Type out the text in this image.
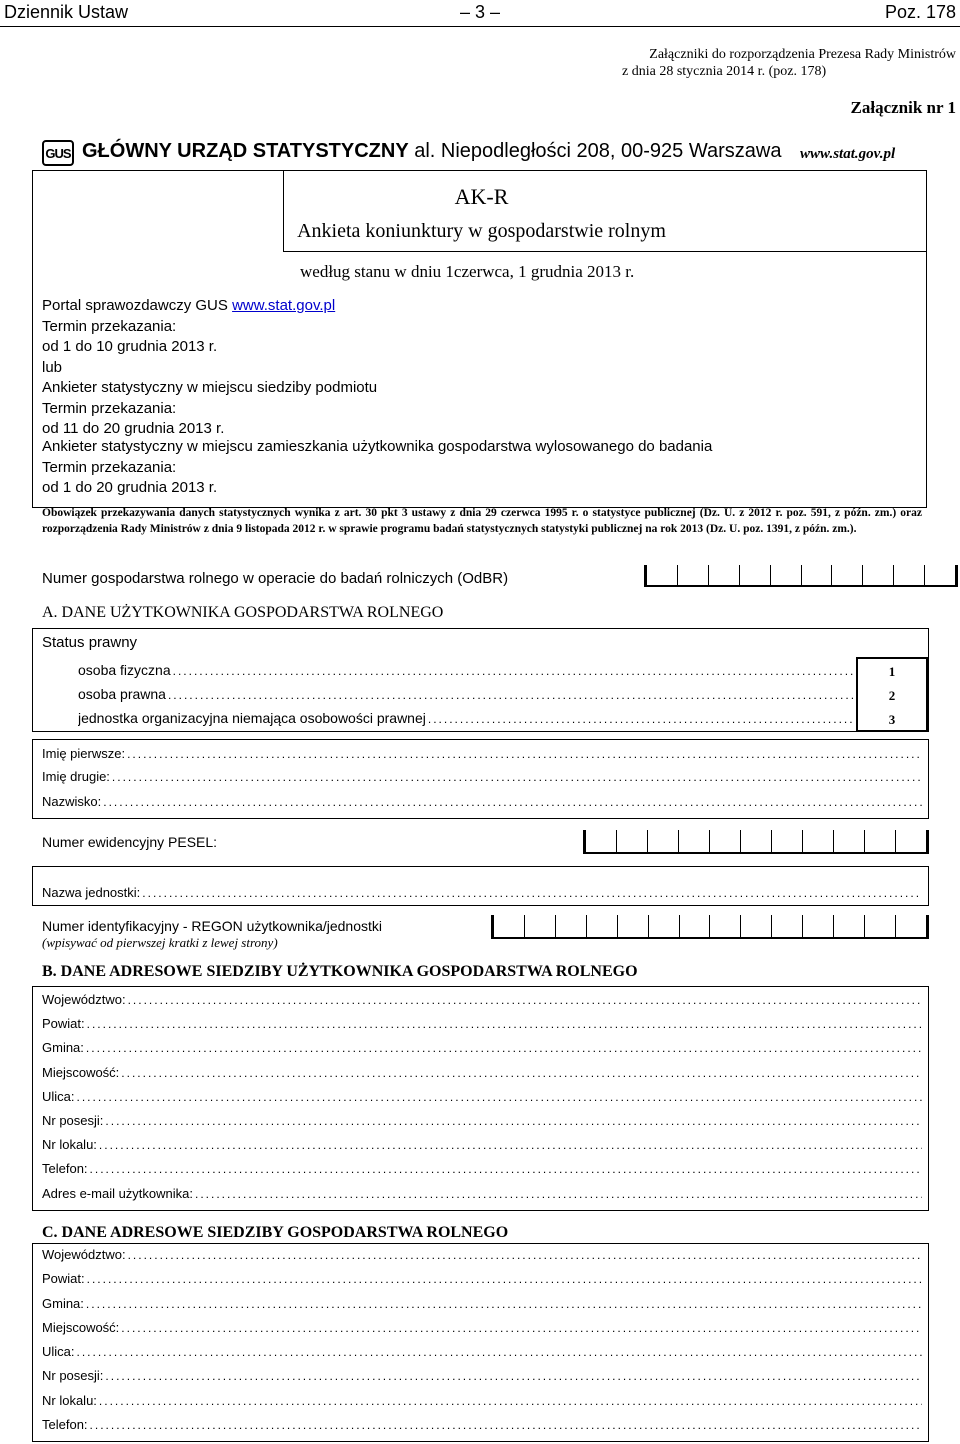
Dziennik Ustaw	– 3 –	Poz. 178
Załączniki do rozporządzenia Prezesa Rady Ministrów
z dnia 28 stycznia 2014 r. (poz. 178)
Załącznik nr 1
GUS GŁÓWNY URZĄD STATYSTYCZNY al. Niepodległości 208, 00-925 Warszawa www.stat.gov.pl
AK-R
Ankieta koniunktury w gospodarstwie rolnym
według stanu w dniu 1czerwca, 1 grudnia 2013 r.
Portal sprawozdawczy GUS www.stat.gov.pl
Termin przekazania:
od 1 do 10 grudnia 2013 r.
lub
Ankieter statystyczny w miejscu siedziby podmiotu
Termin przekazania:
od 11 do 20 grudnia 2013 r.
Ankieter statystyczny w miejscu zamieszkania użytkownika gospodarstwa wylosowanego do badania
Termin przekazania:
od 1 do 20 grudnia 2013 r.
Obowiązek przekazywania danych statystycznych wynika z art. 30 pkt 3 ustawy z dnia 29 czerwca 1995 r. o statystyce publicznej (Dz. U. z 2012 r. poz. 591, z późn. zm.) oraz rozporządzenia Rady Ministrów z dnia 9 listopada 2012 r. w sprawie programu badań statystycznych statystyki publicznej na rok 2013 (Dz. U. poz. 1391, z późn. zm.).
Numer gospodarstwa rolnego w operacie do badań rolniczych (OdBR)
A. DANE UŻYTKOWNIKA GOSPODARSTWA ROLNEGO
Status prawny
osoba fizyczna
.....
osoba prawna
.....
jednostka organizacyjna niemająca osobowości prawnej
.....
1
2
3
Imię pierwsze:
.....
Imię drugie:
.....
Nazwisko:
.....
Numer ewidencyjny PESEL:
Nazwa jednostki:
.....
Numer identyfikacyjny - REGON użytkownika/jednostki
(wpisywać od pierwszej kratki z lewej strony)
B. DANE ADRESOWE SIEDZIBY UŻYTKOWNIKA GOSPODARSTWA ROLNEGO
Województwo:
.....
Powiat:
.....
Gmina:
.....
Miejscowość:
.....
Ulica:
.....
Nr posesji:
.....
Nr lokalu:
.....
Telefon:
.....
Adres e-mail użytkownika:
.....
C. DANE ADRESOWE SIEDZIBY GOSPODARSTWA ROLNEGO
Województwo:
.....
Powiat:
.....
Gmina:
.....
Miejscowość:
.....
Ulica:
.....
Nr posesji:
.....
Nr lokalu:
.....
Telefon:
.....
